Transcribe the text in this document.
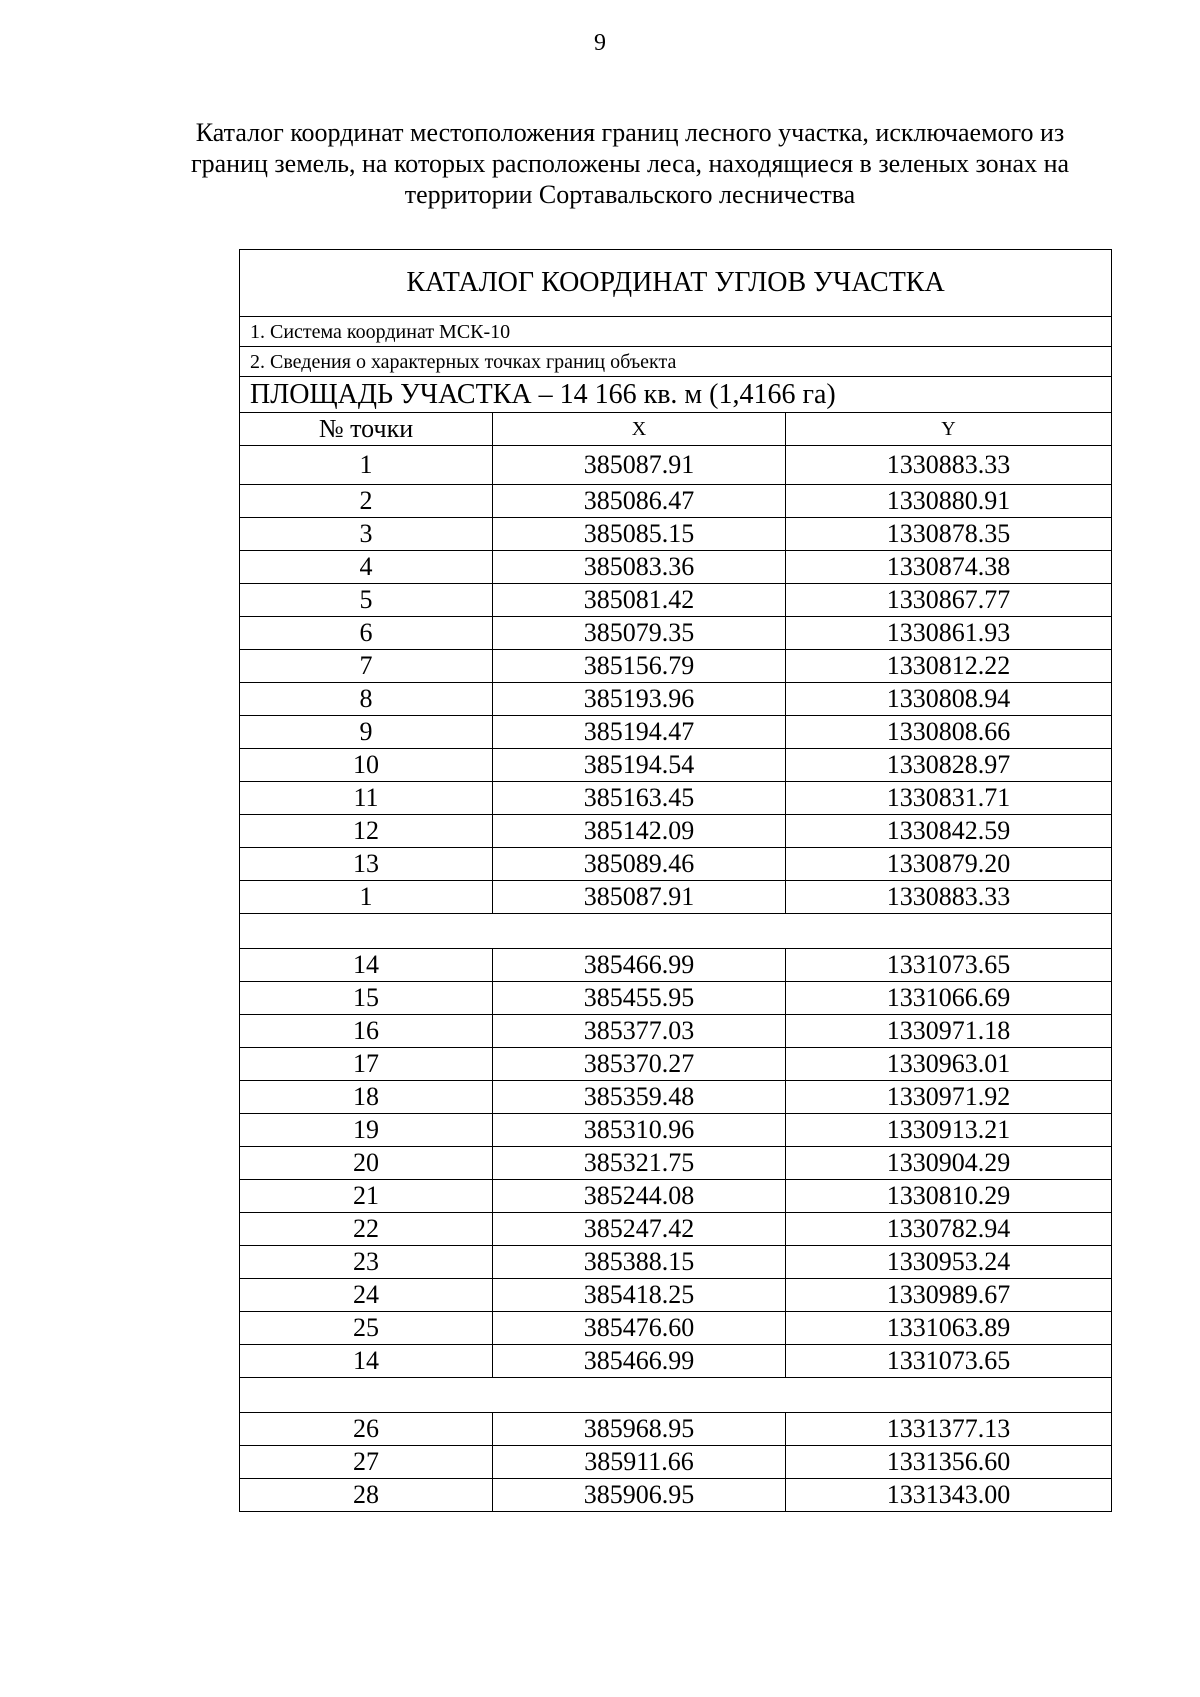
9
Каталог координат местоположения границ лесного участка, исключаемого из
границ земель, на которых расположены леса, находящиеся в зеленых зонах на
территории Сортавальского лесничества
КАТАЛОГ КООРДИНАТ УГЛОВ УЧАСТКА		
1. Система координат МСК-10		
2. Сведения о характерных точках границ объекта		
ПЛОЩАДЬ УЧАСТКА – 14 166 кв. м (1,4166 га)		
№ точки	X	Y
1	385087.91	1330883.33
2	385086.47	1330880.91
3	385085.15	1330878.35
4	385083.36	1330874.38
5	385081.42	1330867.77
6	385079.35	1330861.93
7	385156.79	1330812.22
8	385193.96	1330808.94
9	385194.47	1330808.66
10	385194.54	1330828.97
11	385163.45	1330831.71
12	385142.09	1330842.59
13	385089.46	1330879.20
1	385087.91	1330883.33

14	385466.99	1331073.65
15	385455.95	1331066.69
16	385377.03	1330971.18
17	385370.27	1330963.01
18	385359.48	1330971.92
19	385310.96	1330913.21
20	385321.75	1330904.29
21	385244.08	1330810.29
22	385247.42	1330782.94
23	385388.15	1330953.24
24	385418.25	1330989.67
25	385476.60	1331063.89
14	385466.99	1331073.65

26	385968.95	1331377.13
27	385911.66	1331356.60
28	385906.95	1331343.00
